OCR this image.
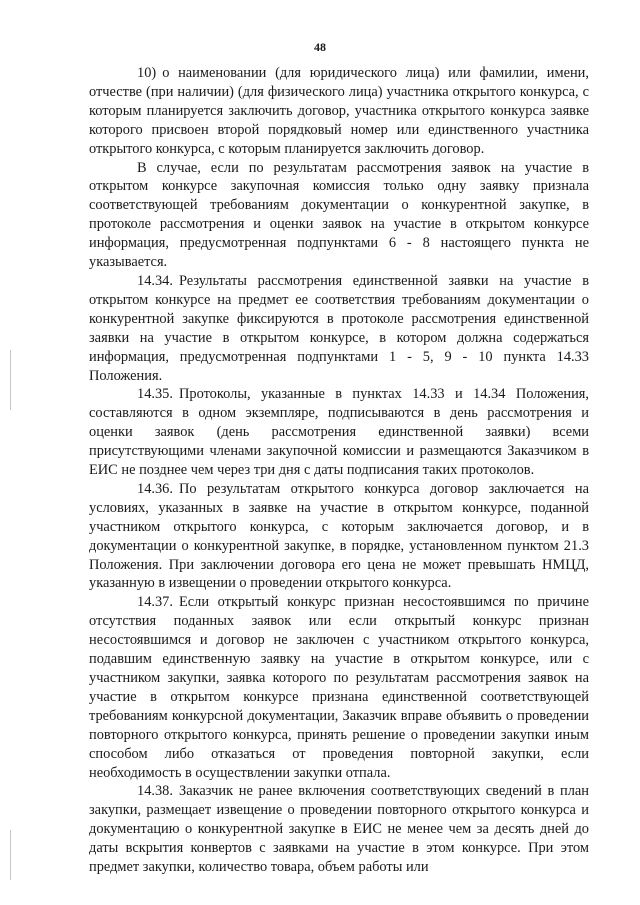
48

10) о наименовании (для юридического лица) или фамилии, имени, отчестве (при наличии) (для физического лица) участника открытого конкурса, с которым планируется заключить договор, участника открытого конкурса заявке которого присвоен второй порядковый номер или единственного участника открытого конкурса, с которым планируется заключить договор.

В случае, если по результатам рассмотрения заявок на участие в открытом конкурсе закупочная комиссия только одну заявку признала соответствующей требованиям документации о конкурентной закупке, в протоколе рассмотрения и оценки заявок на участие в открытом конкурсе информация, предусмотренная подпунктами 6 - 8 настоящего пункта не указывается.

14.34. Результаты рассмотрения единственной заявки на участие в открытом конкурсе на предмет ее соответствия требованиям документации о конкурентной закупке фиксируются в протоколе рассмотрения единственной заявки на участие в открытом конкурсе, в котором должна содержаться информация, предусмотренная подпунктами 1 - 5, 9 - 10 пункта 14.33 Положения.

14.35. Протоколы, указанные в пунктах 14.33 и 14.34 Положения, составляются в одном экземпляре, подписываются в день рассмотрения и оценки заявок (день рассмотрения единственной заявки) всеми присутствующими членами закупочной комиссии и размещаются Заказчиком в ЕИС не позднее чем через три дня с даты подписания таких протоколов.

14.36. По результатам открытого конкурса договор заключается на условиях, указанных в заявке на участие в открытом конкурсе, поданной участником открытого конкурса, с которым заключается договор, и в документации о конкурентной закупке, в порядке, установленном пунктом 21.3 Положения. При заключении договора его цена не может превышать НМЦД, указанную в извещении о проведении открытого конкурса.

14.37. Если открытый конкурс признан несостоявшимся по причине отсутствия поданных заявок или если открытый конкурс признан несостоявшимся и договор не заключен с участником открытого конкурса, подавшим единственную заявку на участие в открытом конкурсе, или с участником закупки, заявка которого по результатам рассмотрения заявок на участие в открытом конкурсе признана единственной соответствующей требованиям конкурсной документации, Заказчик вправе объявить о проведении повторного открытого конкурса, принять решение о проведении закупки иным способом либо отказаться от проведения повторной закупки, если необходимость в осуществлении закупки отпала.

14.38. Заказчик не ранее включения соответствующих сведений в план закупки, размещает извещение о проведении повторного открытого конкурса и документацию о конкурентной закупке в ЕИС не менее чем за десять дней до даты вскрытия конвертов с заявками на участие в этом конкурсе. При этом предмет закупки, количество товара, объем работы или
